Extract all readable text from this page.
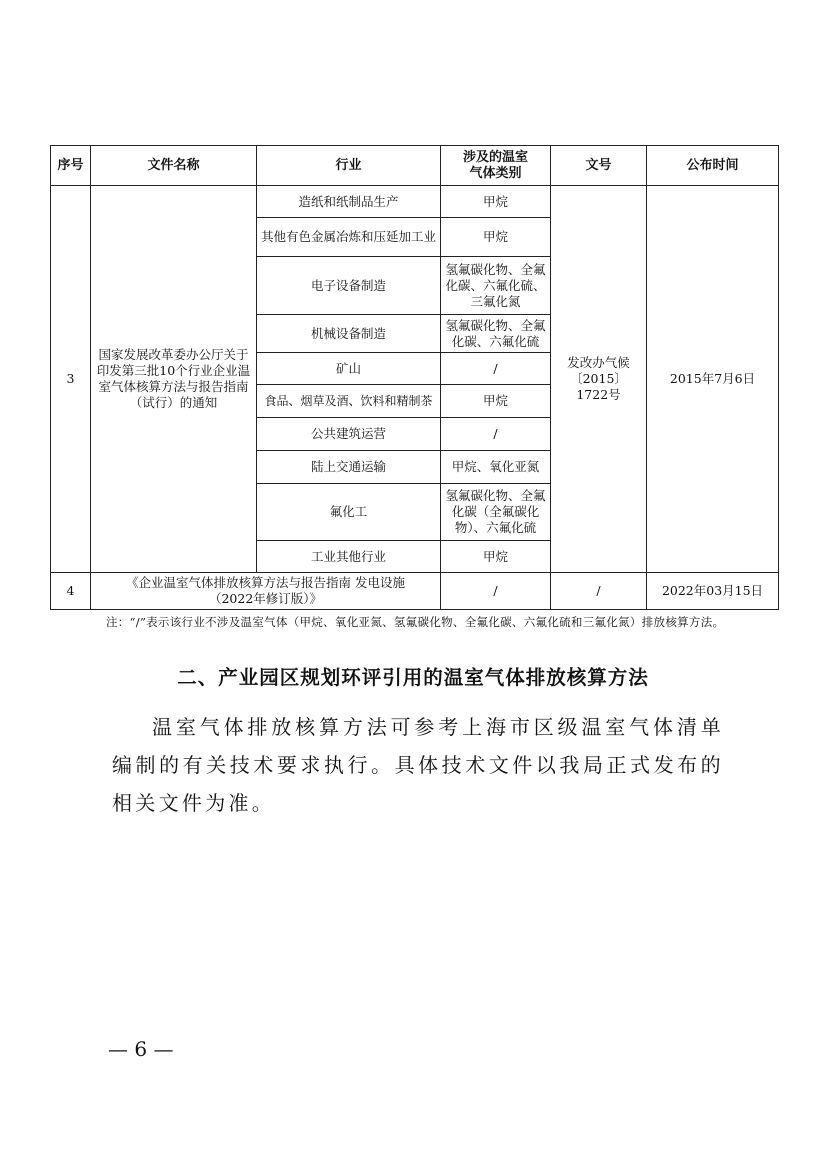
序号	文件名称	行业	涉及的温室气体类别	文号	公布时间
3	国家发展改革委办公厅关于印发第三批10个行业企业温室气体核算方法与报告指南（试行）的通知	造纸和纸制品生产	甲烷	发改办气候〔2015〕1722号	2015年7月6日
		其他有色金属冶炼和压延加工业	甲烷		
		电子设备制造	氢氟碳化物、全氟化碳、六氟化硫、三氟化氮		
		机械设备制造	氢氟碳化物、全氟化碳、六氟化硫		
		矿山	/		
		食品、烟草及酒、饮料和精制茶	甲烷		
		公共建筑运营	/		
		陆上交通运输	甲烷、氧化亚氮		
		氟化工	氢氟碳化物、全氟化碳（全氟碳化物）、六氟化硫		
		工业其他行业	甲烷		
4	《企业温室气体排放核算方法与报告指南 发电设施（2022年修订版）》		/	/	2022年03月15日
注：“/”表示该行业不涉及温室气体（甲烷、氧化亚氮、氢氟碳化物、全氟化碳、六氟化硫和三氟化氮）排放核算方法。
二、产业园区规划环评引用的温室气体排放核算方法
温室气体排放核算方法可参考上海市区级温室气体清单编制的有关技术要求执行。具体技术文件以我局正式发布的相关文件为准。
— 6 —
